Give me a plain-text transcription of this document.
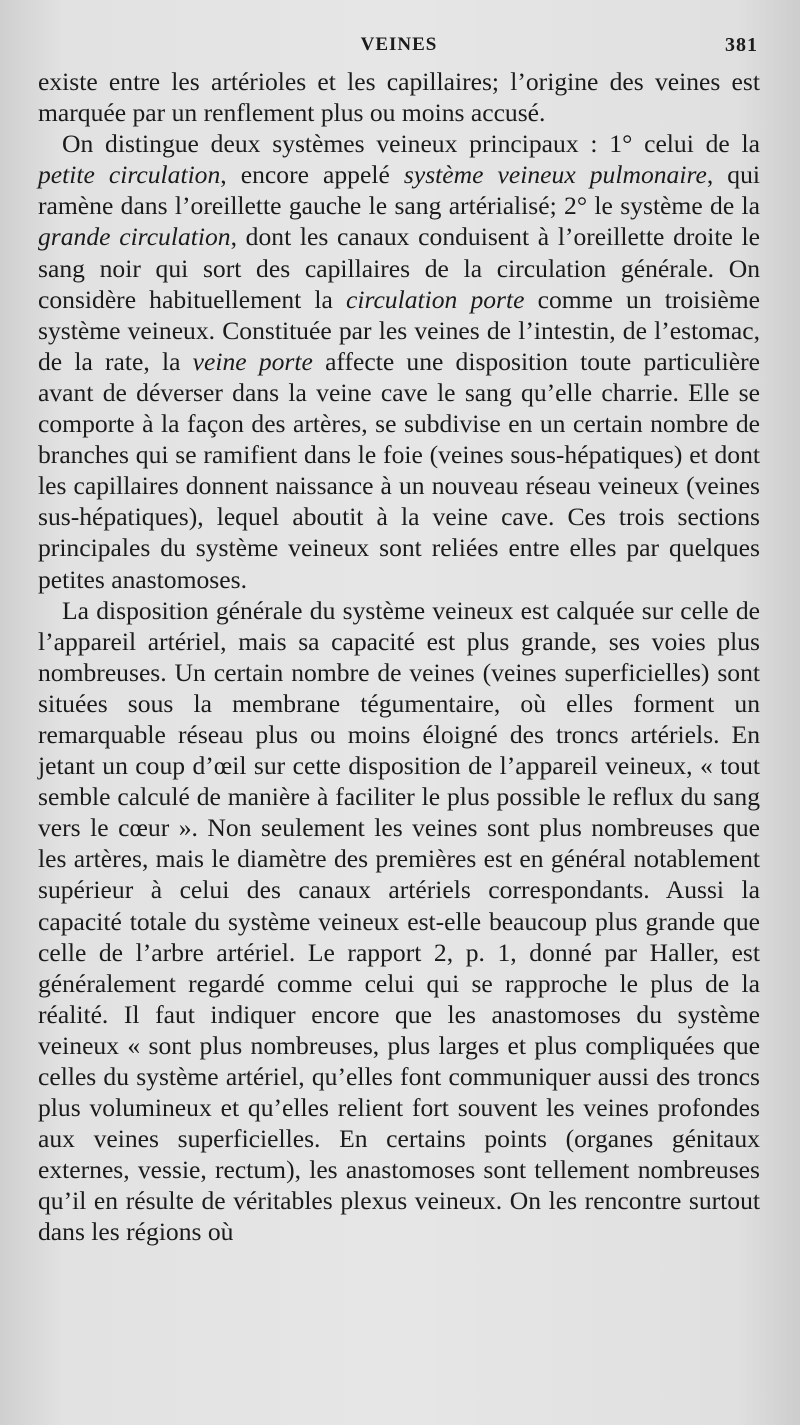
VEINES	381

existe entre les artérioles et les capillaires; l’origine des veines est marquée par un renflement plus ou moins accusé.

On distingue deux systèmes veineux principaux : 1° celui de la petite circulation, encore appelé système veineux pulmonaire, qui ramène dans l’oreillette gauche le sang artérialisé; 2° le système de la grande circulation, dont les canaux conduisent à l’oreillette droite le sang noir qui sort des capillaires de la circulation générale. On considère habituellement la circulation porte comme un troisième système veineux. Constituée par les veines de l’intestin, de l’estomac, de la rate, la veine porte affecte une disposition toute particulière avant de déverser dans la veine cave le sang qu’elle charrie. Elle se comporte à la façon des artères, se subdivise en un certain nombre de branches qui se ramifient dans le foie (veines sous-hépatiques) et dont les capillaires donnent naissance à un nouveau réseau veineux (veines sus-hépatiques), lequel aboutit à la veine cave. Ces trois sections principales du système veineux sont reliées entre elles par quelques petites anastomoses.

La disposition générale du système veineux est calquée sur celle de l’appareil artériel, mais sa capacité est plus grande, ses voies plus nombreuses. Un certain nombre de veines (veines superficielles) sont situées sous la membrane tégumentaire, où elles forment un remarquable réseau plus ou moins éloigné des troncs artériels. En jetant un coup d’œil sur cette disposition de l’appareil veineux, « tout semble calculé de manière à faciliter le plus possible le reflux du sang vers le cœur ». Non seulement les veines sont plus nombreuses que les artères, mais le diamètre des premières est en général notablement supérieur à celui des canaux artériels correspondants. Aussi la capacité totale du système veineux est-elle beaucoup plus grande que celle de l’arbre artériel. Le rapport 2, p. 1, donné par Haller, est généralement regardé comme celui qui se rapproche le plus de la réalité. Il faut indiquer encore que les anastomoses du système veineux « sont plus nombreuses, plus larges et plus compliquées que celles du système artériel, qu’elles font communiquer aussi des troncs plus volumineux et qu’elles relient fort souvent les veines profondes aux veines superficielles. En certains points (organes génitaux externes, vessie, rectum), les anastomoses sont tellement nombreuses qu’il en résulte de véritables plexus veineux. On les rencontre surtout dans les régions où
